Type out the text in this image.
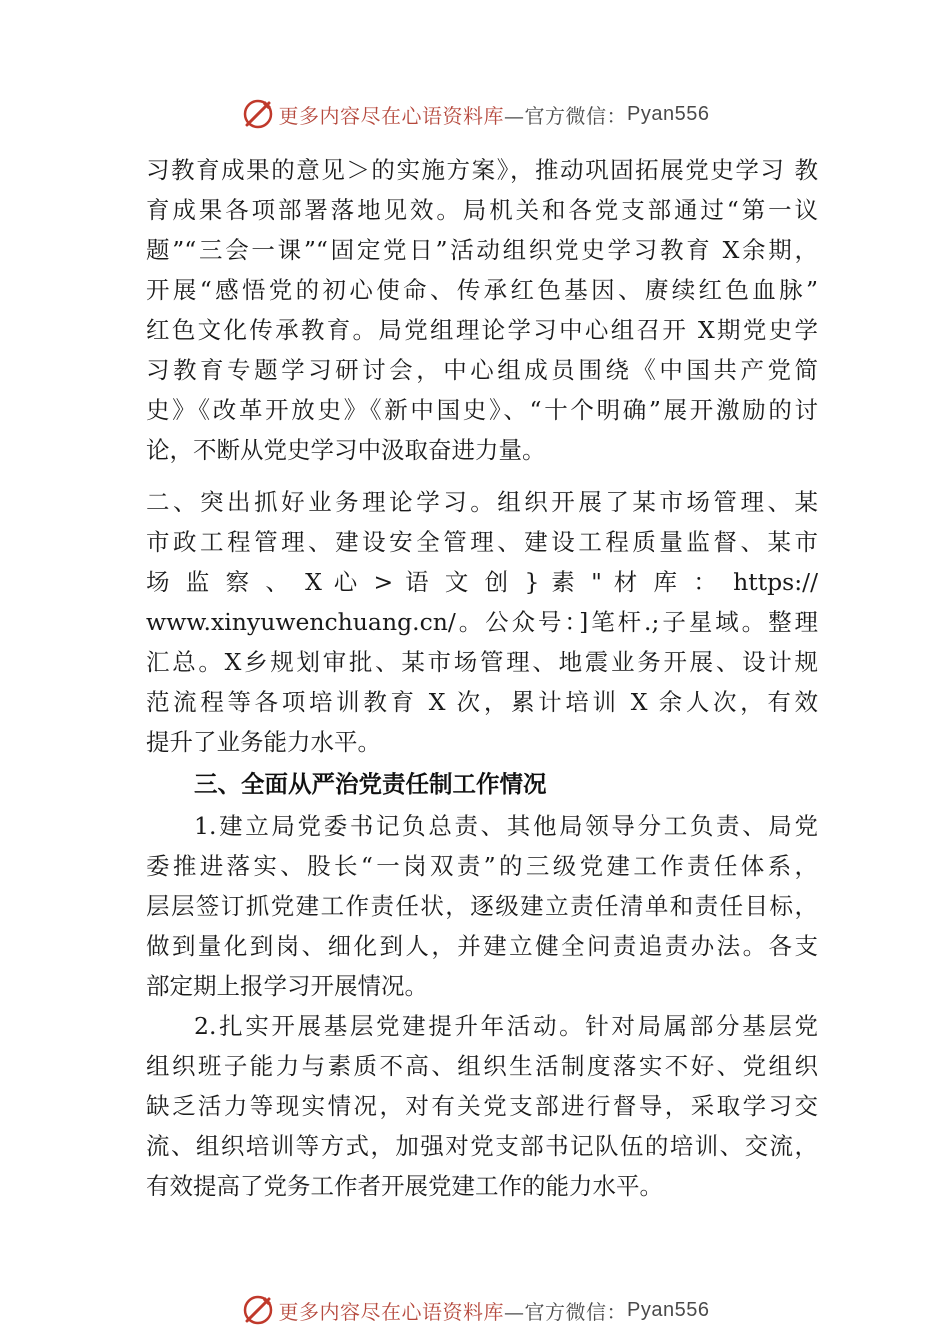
更多内容尽在心语资料库 —官方微信： Pyan556
习教育成果的意见＞的实施方案》，推动巩固拓展党史学习 教
育成果各项部署落地见效。局机关和各党支部通过“第一议
题”“三会一课”“固定党日”活动组织党史学习教育 X余期，
开展“感悟党的初心使命、传承红色基因、赓续红色血脉”
红色文化传承教育。局党组理论学习中心组召开 X期党史学
习教育专题学习研讨会，中心组成员围绕《中国共产党简
史》《改革开放史》《新中国史》、“十个明确”展开激励的讨
论，不断从党史学习中汲取奋进力量。
二、突出抓好业务理论学习。组织开展了某市场管理、某
市政工程管理、建设安全管理、建设工程质量监督、某市
场 监 察 、 X 心 > 语 文 创 } 素 " 材 库 ： https://
www.xinyuwenchuang.cn/。公众号：]笔杆.;子星域。整理
汇总。X乡规划审批、某市场管理、地震业务开展、设计规
范流程等各项培训教育 X 次，累计培训 X 余人次，有效
提升了业务能力水平。
三、全面从严治党责任制工作情况
1.建立局党委书记负总责、其他局领导分工负责、局党
委推进落实、股长“一岗双责”的三级党建工作责任体系，
层层签订抓党建工作责任状，逐级建立责任清单和责任目标，
做到量化到岗、细化到人，并建立健全问责追责办法。各支
部定期上报学习开展情况。
2.扎实开展基层党建提升年活动。针对局属部分基层党
组织班子能力与素质不高、组织生活制度落实不好、党组织
缺乏活力等现实情况，对有关党支部进行督导，采取学习交
流、组织培训等方式，加强对党支部书记队伍的培训、交流，
有效提高了党务工作者开展党建工作的能力水平。
更多内容尽在心语资料库 —官方微信： Pyan556
